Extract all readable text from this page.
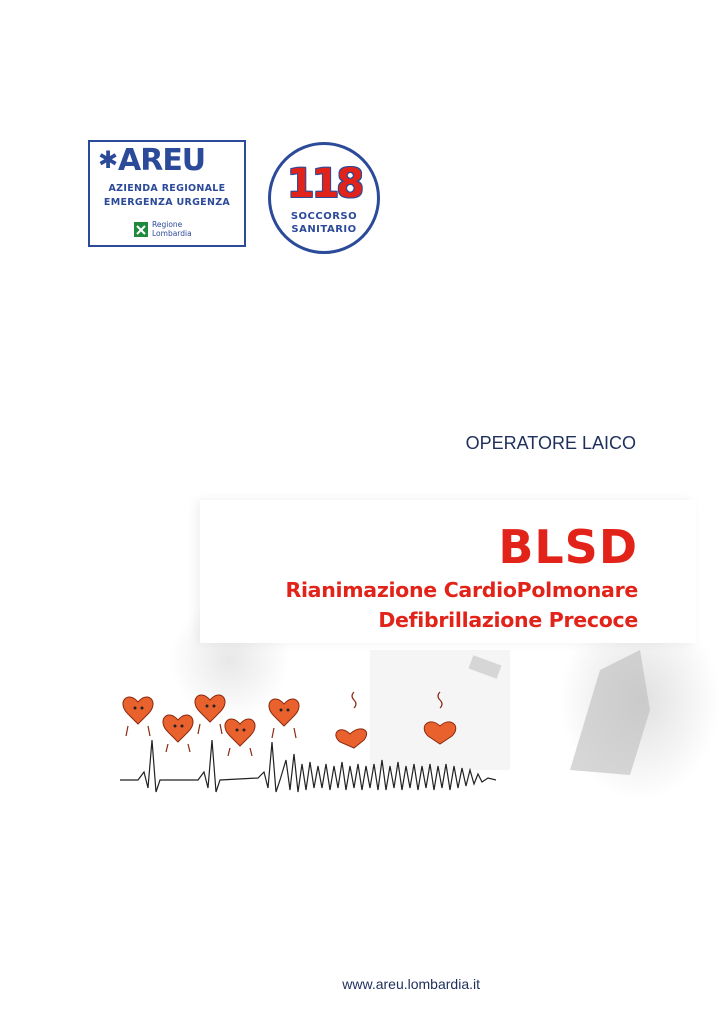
✱ AREU
AZIENDA REGIONALE
EMERGENZA URGENZA
Regione
Lombardia
118
SOCCORSO
SANITARIO
OPERATORE LAICO
BLSD
Rianimazione CardioPolmonare
Defibrillazione Precoce
www.areu.lombardia.it
